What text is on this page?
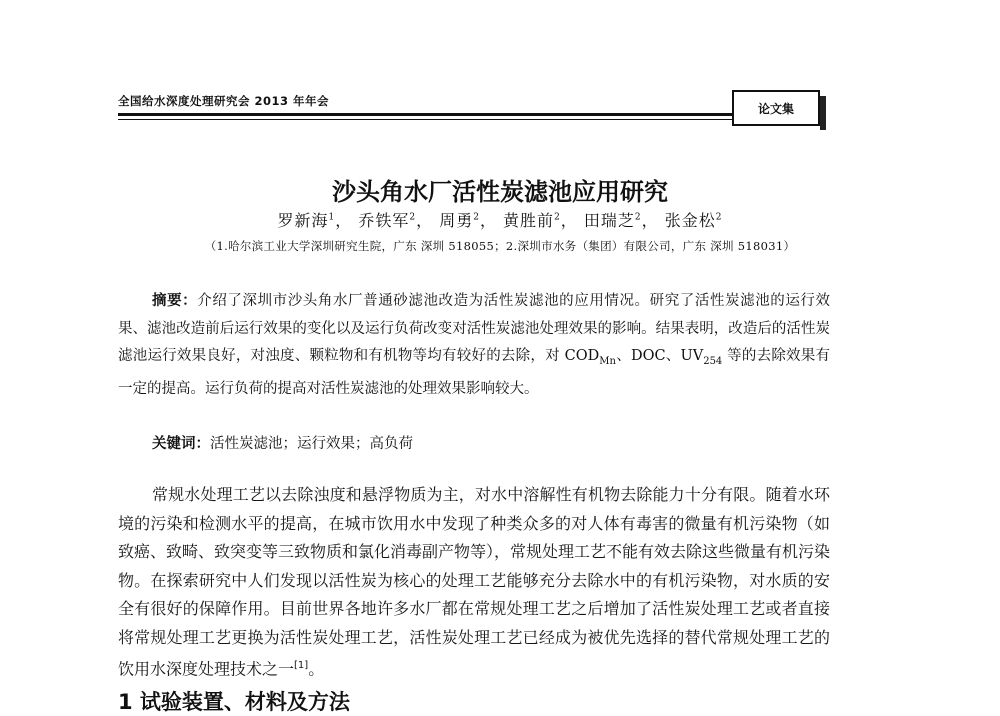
全国给水深度处理研究会 2013 年年会
论文集
沙头角水厂活性炭滤池应用研究
罗新海$^1$， 乔铁军$^2$， 周勇$^2$， 黄胜前$^2$， 田瑞芝$^2$， 张金松$^2$
（1.哈尔滨工业大学深圳研究生院，广东 深圳 518055；2.深圳市水务（集团）有限公司，广东 深圳 518031）
摘要：介绍了深圳市沙头角水厂普通砂滤池改造为活性炭滤池的应用情况。研究了活性炭滤池的运行效果、滤池改造前后运行效果的变化以及运行负荷改变对活性炭滤池处理效果的影响。结果表明，改造后的活性炭滤池运行效果良好，对浊度、颗粒物和有机物等均有较好的去除，对 $COD_{Mn}$、DOC、$UV_{254}$ 等的去除效果有一定的提高。运行负荷的提高对活性炭滤池的处理效果影响较大。
关键词：活性炭滤池；运行效果；高负荷
常规水处理工艺以去除浊度和悬浮物质为主，对水中溶解性有机物去除能力十分有限。随着水环境的污染和检测水平的提高，在城市饮用水中发现了种类众多的对人体有毒害的微量有机污染物（如致癌、致畸、致突变等三致物质和氯化消毒副产物等），常规处理工艺不能有效去除这些微量有机污染物。在探索研究中人们发现以活性炭为核心的处理工艺能够充分去除水中的有机污染物，对水质的安全有很好的保障作用。目前世界各地许多水厂都在常规处理工艺之后增加了活性炭处理工艺或者直接将常规处理工艺更换为活性炭处理工艺，活性炭处理工艺已经成为被优先选择的替代常规处理工艺的饮用水深度处理技术之一[1]。
1 试验装置、材料及方法
